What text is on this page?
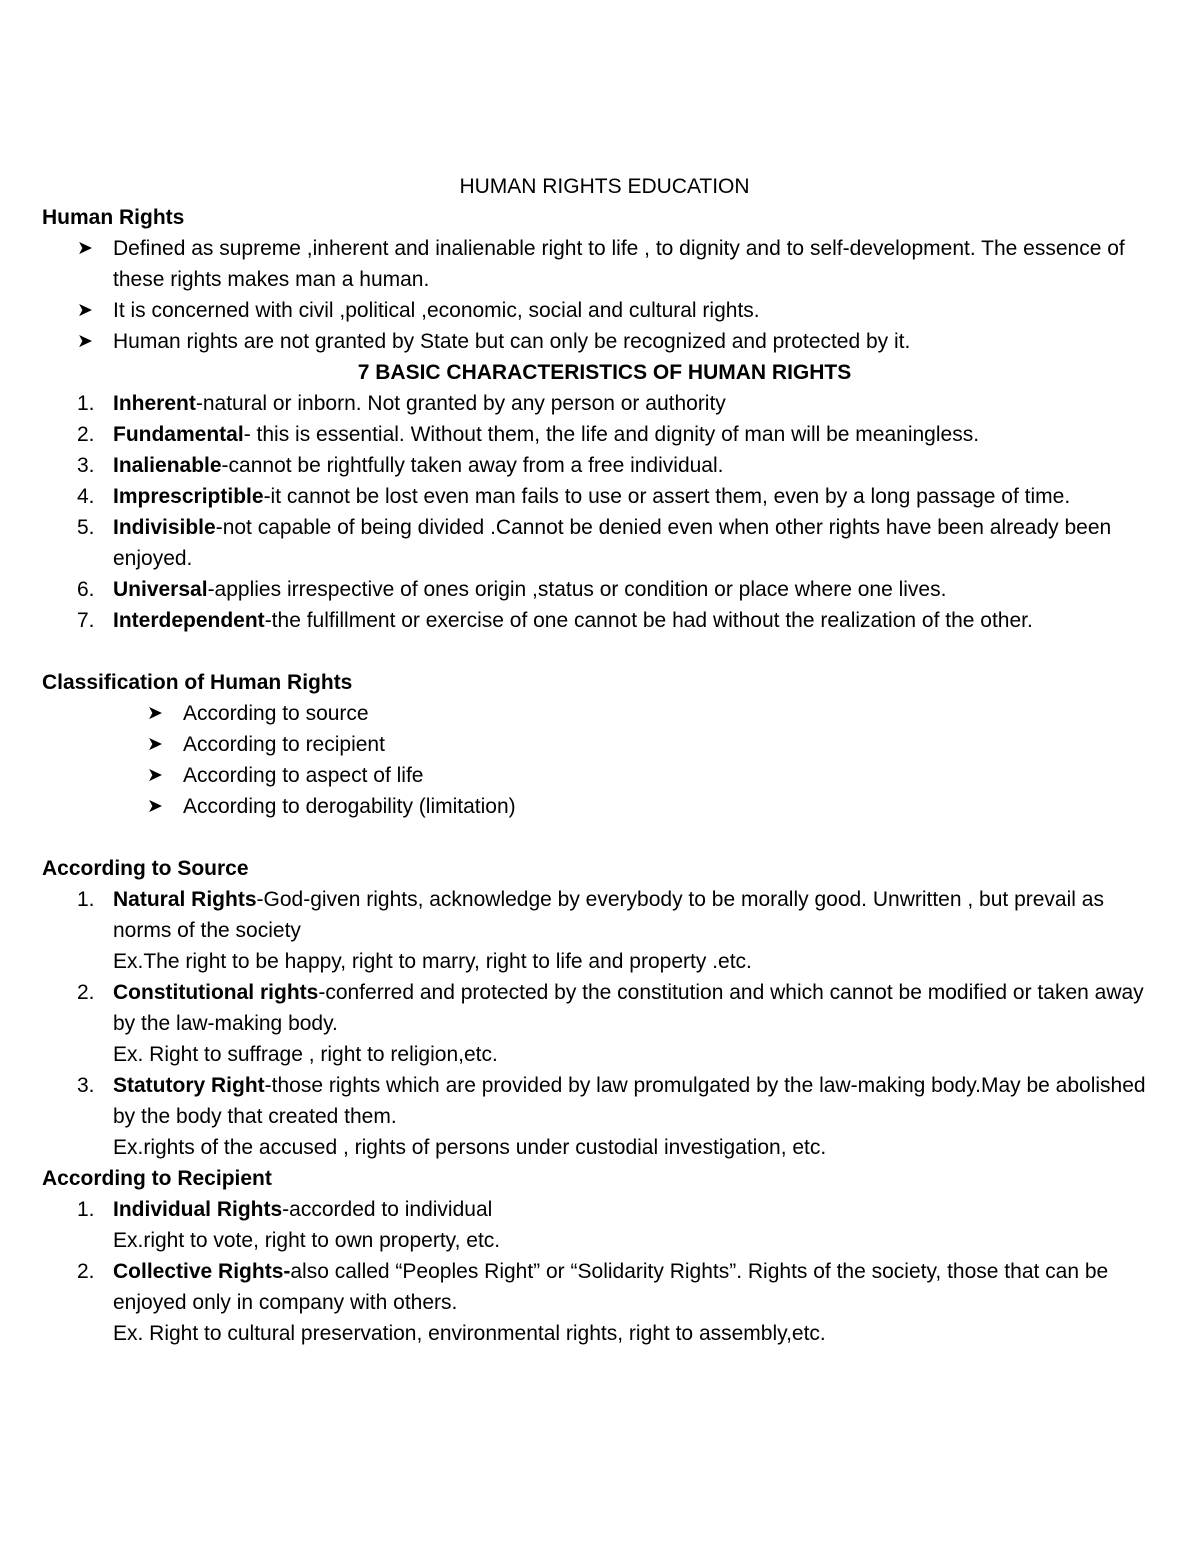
HUMAN RIGHTS EDUCATION
Human Rights
➤ Defined as supreme ,inherent and inalienable right to life , to dignity and to self-development. The essence of these rights makes man a human.
➤ It is concerned with civil ,political ,economic, social and cultural rights.
➤ Human rights are not granted by State but can only be recognized and protected by it.
7 BASIC CHARACTERISTICS OF HUMAN RIGHTS
1. Inherent-natural or inborn. Not granted by any person or authority
2. Fundamental- this is essential. Without them, the life and dignity of man will be meaningless.
3. Inalienable-cannot be rightfully taken away from a free individual.
4. Imprescriptible-it cannot be lost even man fails to use or assert them, even by a long passage of time.
5. Indivisible-not capable of being divided .Cannot be denied even when other rights have been already been enjoyed.
6. Universal-applies irrespective of ones origin ,status or condition or place where one lives.
7. Interdependent-the fulfillment or exercise of one cannot be had without the realization of the other.
Classification of Human Rights
➤ According to source
➤ According to recipient
➤ According to aspect of life
➤ According to derogability (limitation)
According to Source
1. Natural Rights-God-given rights, acknowledge by everybody to be morally good. Unwritten , but prevail as norms of the society
Ex.The right to be happy, right to marry, right to life and property .etc.
2. Constitutional rights-conferred and protected by the constitution and which cannot be modified or taken away by the law-making body.
Ex. Right to suffrage , right to religion,etc.
3. Statutory Right-those rights which are provided by law promulgated by the law-making body.May be abolished by the body that created them.
Ex.rights of the accused , rights of persons under custodial investigation, etc.
According to Recipient
1. Individual Rights-accorded to individual
Ex.right to vote, right to own property, etc.
2. Collective Rights-also called “Peoples Right” or “Solidarity Rights”. Rights of the society, those that can be enjoyed only in company with others.
Ex. Right to cultural preservation, environmental rights, right to assembly,etc.
